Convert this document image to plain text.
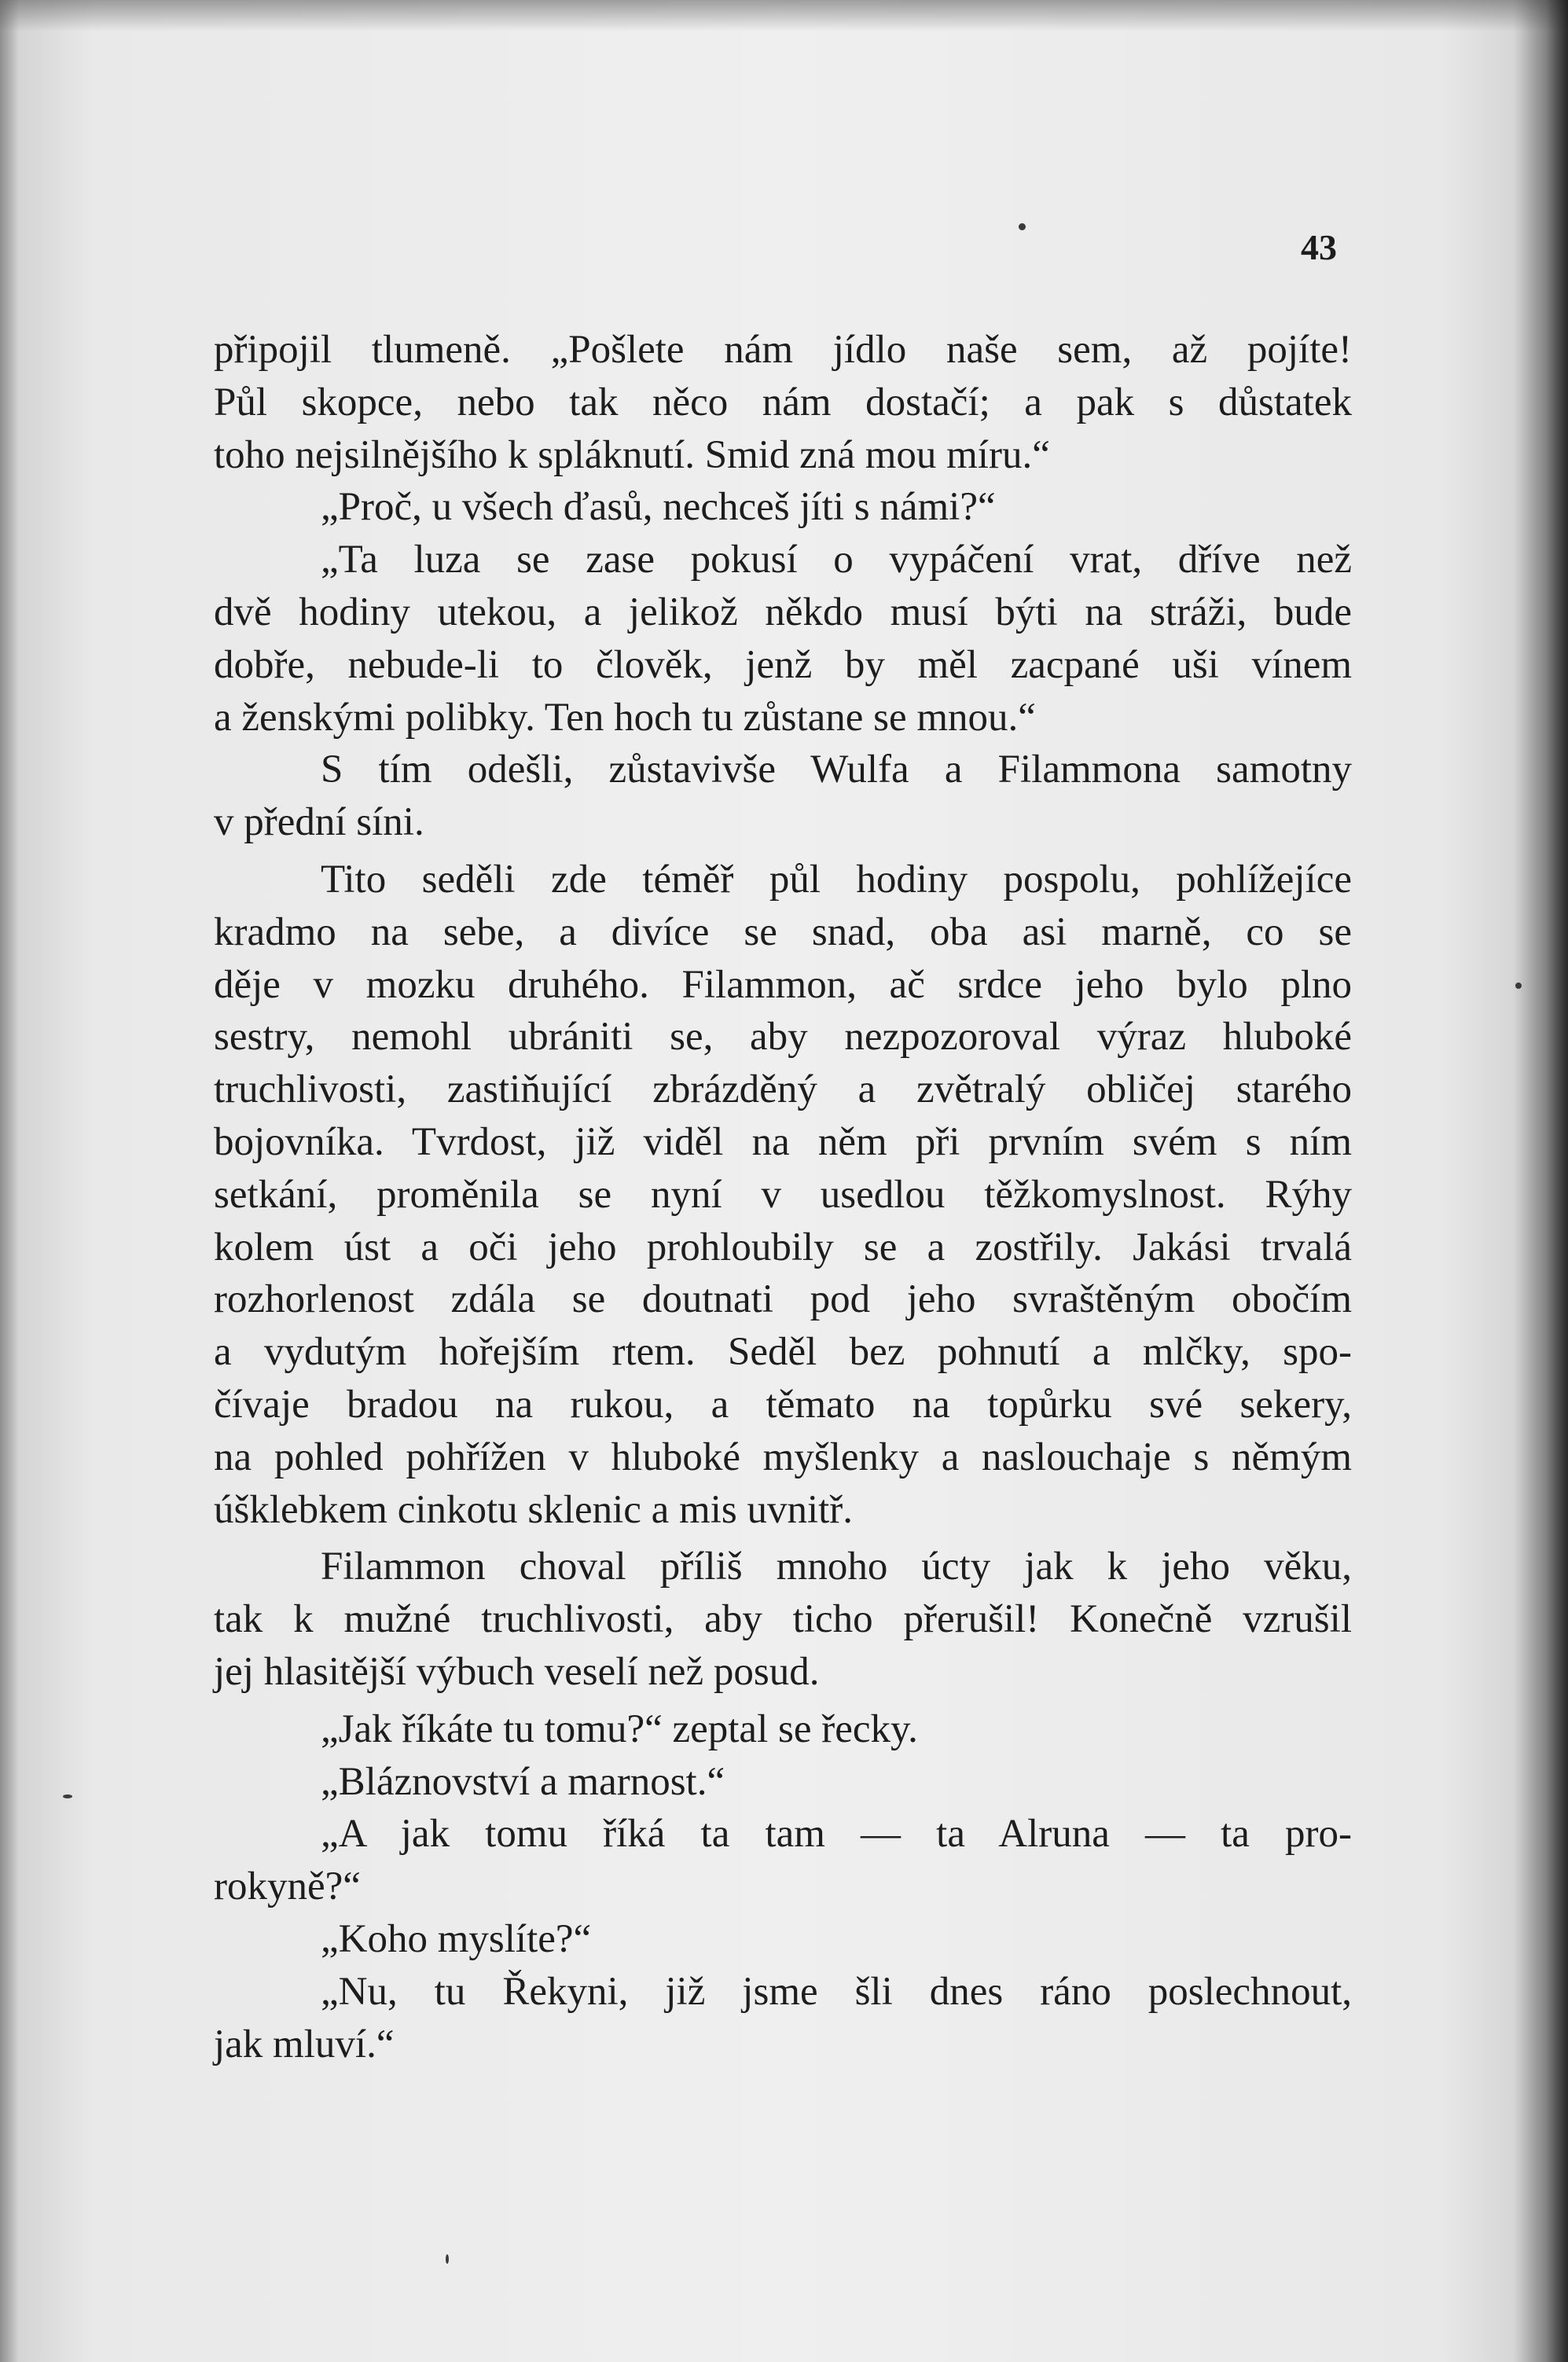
43
připojil tlumeně. „Pošlete nám jídlo naše sem, až pojíte!
Půl skopce, nebo tak něco nám dostačí; a pak s důstatek
toho nejsilnějšího k spláknutí. Smid zná mou míru.“
„Proč, u všech ďasů, nechceš jíti s námi?“
„Ta luza se zase pokusí o vypáčení vrat, dříve než
dvě hodiny utekou, a jelikož někdo musí býti na stráži, bude
dobře, nebude-li to člověk, jenž by měl zacpané uši vínem
a ženskými polibky. Ten hoch tu zůstane se mnou.“
S tím odešli, zůstavivše Wulfa a Filammona samotny
v přední síni.
Tito seděli zde téměř půl hodiny pospolu, pohlížejíce
kradmo na sebe, a divíce se snad, oba asi marně, co se
děje v mozku druhého. Filammon, ač srdce jeho bylo plno
sestry, nemohl ubrániti se, aby nezpozoroval výraz hluboké
truchlivosti, zastiňující zbrázděný a zvětralý obličej starého
bojovníka. Tvrdost, již viděl na něm při prvním svém s ním
setkání, proměnila se nyní v usedlou těžkomyslnost. Rýhy
kolem úst a oči jeho prohloubily se a zostřily. Jakási trvalá
rozhorlenost zdála se doutnati pod jeho svraštěným obočím
a vydutým hořejším rtem. Seděl bez pohnutí a mlčky, spo-
čívaje bradou na rukou, a těmato na topůrku své sekery,
na pohled pohřížen v hluboké myšlenky a naslouchaje s němým
úšklebkem cinkotu sklenic a mis uvnitř.
Filammon choval příliš mnoho úcty jak k jeho věku,
tak k mužné truchlivosti, aby ticho přerušil! Konečně vzrušil
jej hlasitější výbuch veselí než posud.
„Jak říkáte tu tomu?“ zeptal se řecky.
„Bláznovství a marnost.“
„A jak tomu říká ta tam — ta Alruna — ta pro-
rokyně?“
„Koho myslíte?“
„Nu, tu Řekyni, již jsme šli dnes ráno poslechnout,
jak mluví.“
